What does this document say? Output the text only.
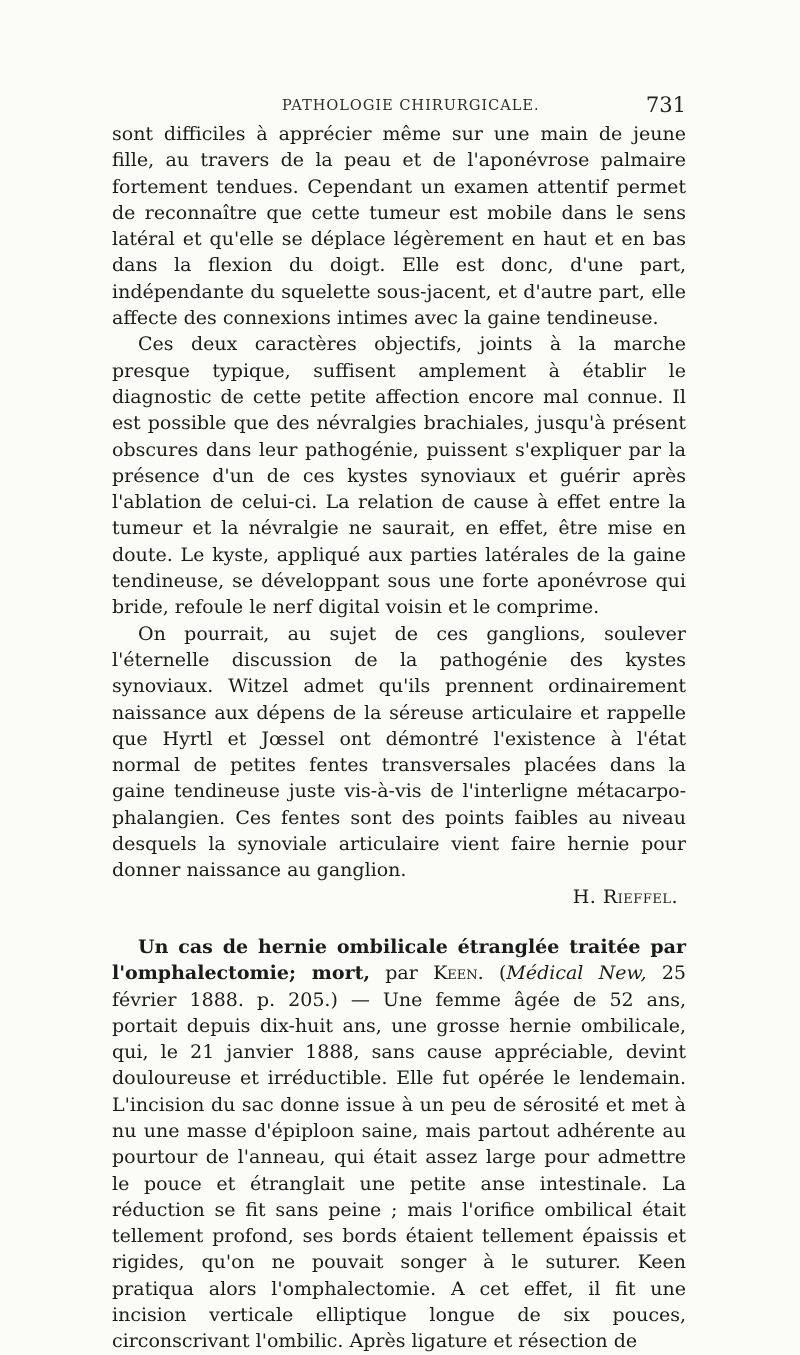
PATHOLOGIE CHIRURGICALE.	731

sont difficiles à apprécier même sur une main de jeune fille, au travers de la peau et de l'aponévrose palmaire fortement tendues. Cependant un examen attentif permet de reconnaître que cette tumeur est mobile dans le sens latéral et qu'elle se déplace légèrement en haut et en bas dans la flexion du doigt. Elle est donc, d'une part, indépendante du squelette sous-jacent, et d'autre part, elle affecte des connexions intimes avec la gaine tendineuse.

Ces deux caractères objectifs, joints à la marche presque typique, suffisent amplement à établir le diagnostic de cette petite affection encore mal connue. Il est possible que des névralgies brachiales, jusqu'à présent obscures dans leur pathogénie, puissent s'expliquer par la présence d'un de ces kystes synoviaux et guérir après l'ablation de celui-ci. La relation de cause à effet entre la tumeur et la névralgie ne saurait, en effet, être mise en doute. Le kyste, appliqué aux parties latérales de la gaine tendineuse, se développant sous une forte aponévrose qui bride, refoule le nerf digital voisin et le comprime.

On pourrait, au sujet de ces ganglions, soulever l'éternelle discussion de la pathogénie des kystes synoviaux. Witzel admet qu'ils prennent ordinairement naissance aux dépens de la séreuse articulaire et rappelle que Hyrtl et Jœssel ont démontré l'existence à l'état normal de petites fentes transversales placées dans la gaine tendineuse juste vis-à-vis de l'interligne métacarpo-phalangien. Ces fentes sont des points faibles au niveau desquels la synoviale articulaire vient faire hernie pour donner naissance au ganglion.

H. Rieffel.

Un cas de hernie ombilicale étranglée traitée par l'omphalectomie; mort, par Keen. (Médical New, 25 février 1888. p. 205.) — Une femme âgée de 52 ans, portait depuis dix-huit ans, une grosse hernie ombilicale, qui, le 21 janvier 1888, sans cause appréciable, devint douloureuse et irréductible. Elle fut opérée le lendemain. L'incision du sac donne issue à un peu de sérosité et met à nu une masse d'épiploon saine, mais partout adhérente au pourtour de l'anneau, qui était assez large pour admettre le pouce et étranglait une petite anse intestinale. La réduction se fit sans peine ; mais l'orifice ombilical était tellement profond, ses bords étaient tellement épaissis et rigides, qu'on ne pouvait songer à le suturer. Keen pratiqua alors l'omphalectomie. A cet effet, il fit une incision verticale elliptique longue de six pouces, circonscrivant l'ombilic. Après ligature et résection de
